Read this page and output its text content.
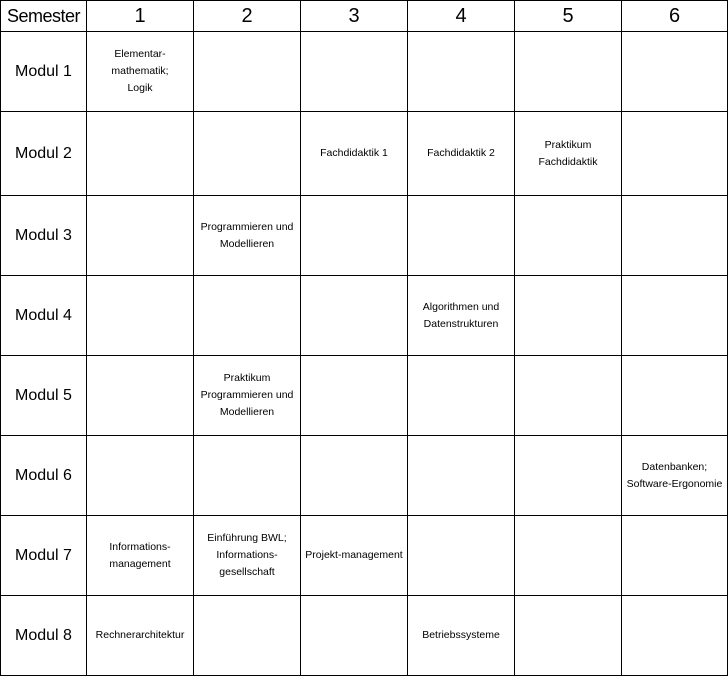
Semester	1	2	3	4	5	6
Modul 1	Elementar-
mathematik;
Logik					
Modul 2			Fachdidaktik 1	Fachdidaktik 2	Praktikum
Fachdidaktik	
Modul 3		Programmieren und
Modellieren				
Modul 4				Algorithmen und
Datenstrukturen		
Modul 5		Praktikum
Programmieren und
Modellieren				
Modul 6						Datenbanken;
Software-Ergonomie
Modul 7	Informations-
management	Einführung BWL;
Informations-
gesellschaft	Projekt-management			
Modul 8	Rechnerarchitektur			Betriebssysteme		
